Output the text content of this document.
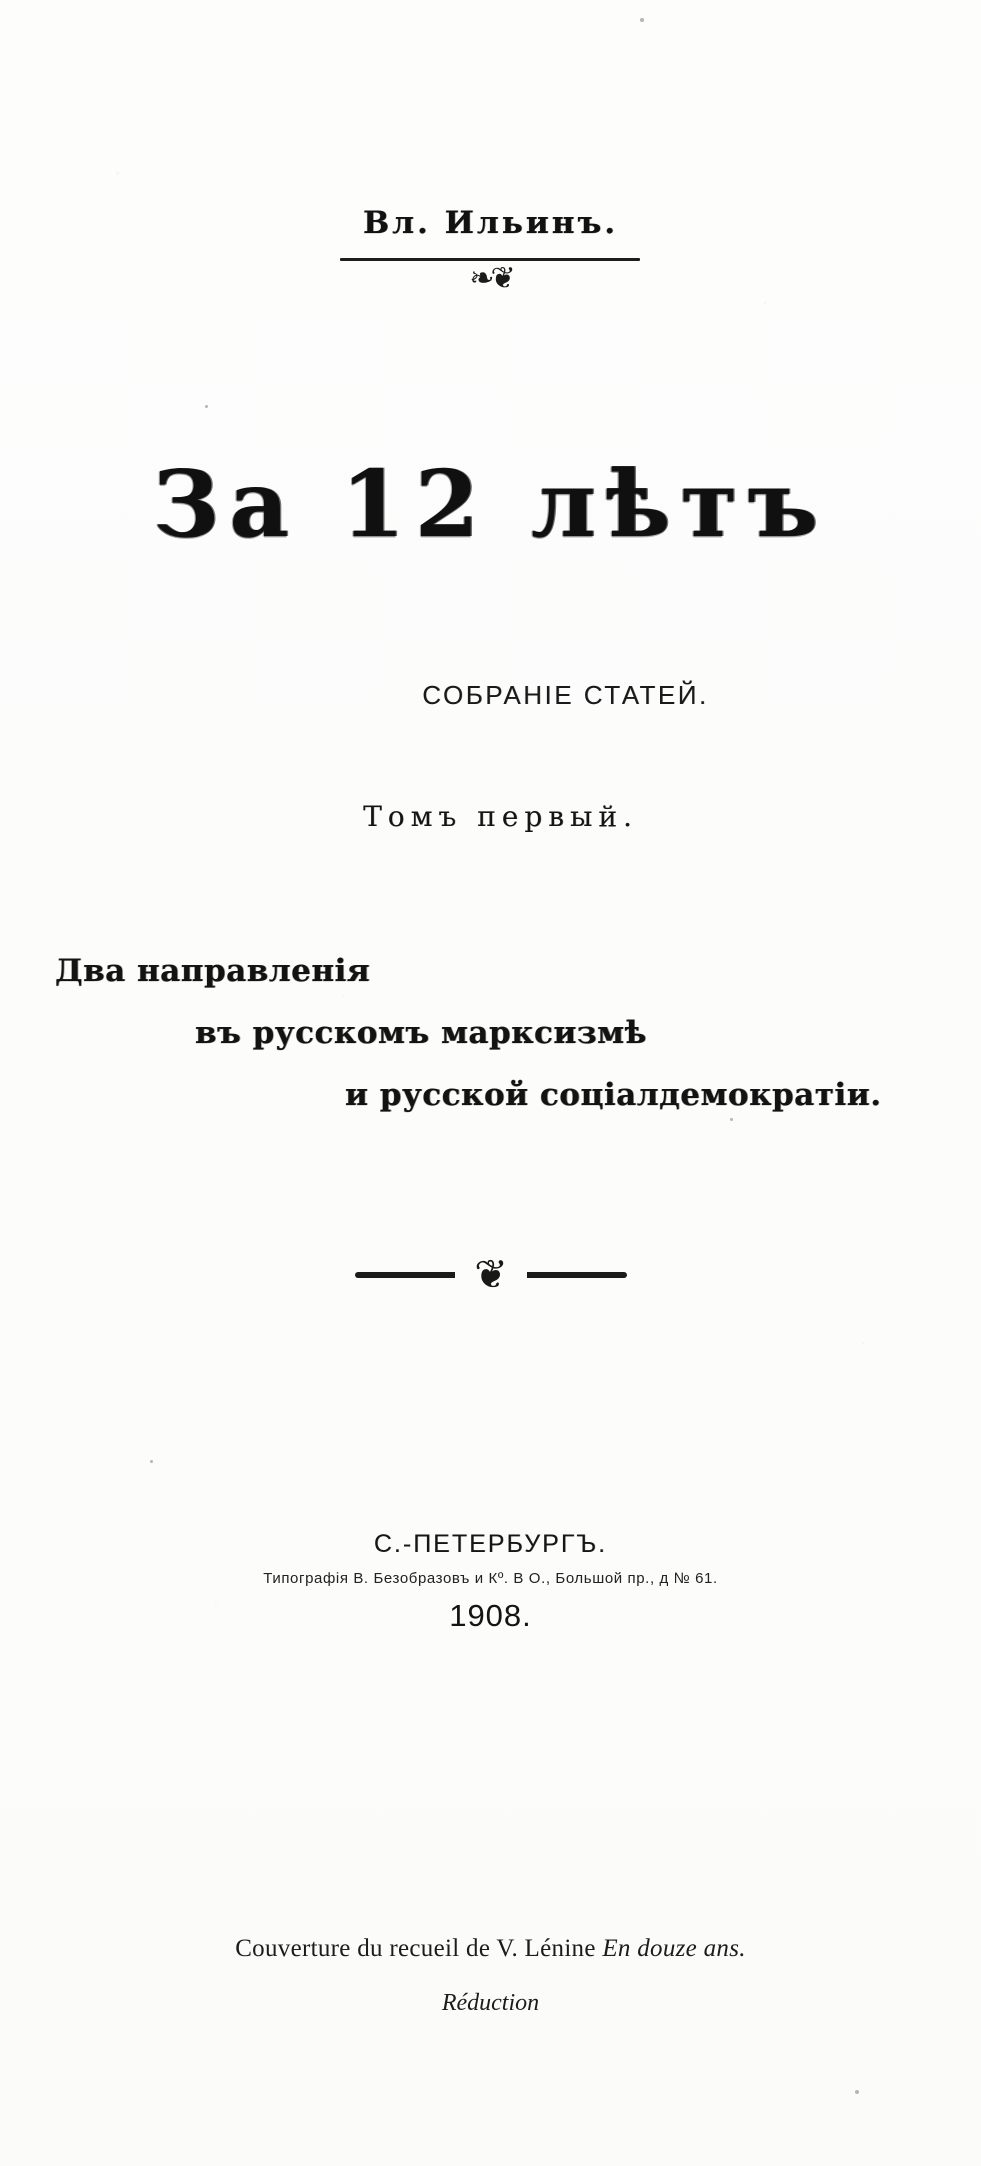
Вл. Ильинъ.
❧❦
За 12 лѣтъ
СОБРАНІЕ СТАТЕЙ.
Томъ первый.
Два направленія
въ русскомъ марксизмѣ
и русской соціалдемократіи.
❦
С.-ПЕТЕРБУРГЪ.
Типографія В. Безобразовъ и Кº. В О., Большой пр., д № 61.
1908.
Couverture du recueil de V. Lénine En douze ans.
Réduction
